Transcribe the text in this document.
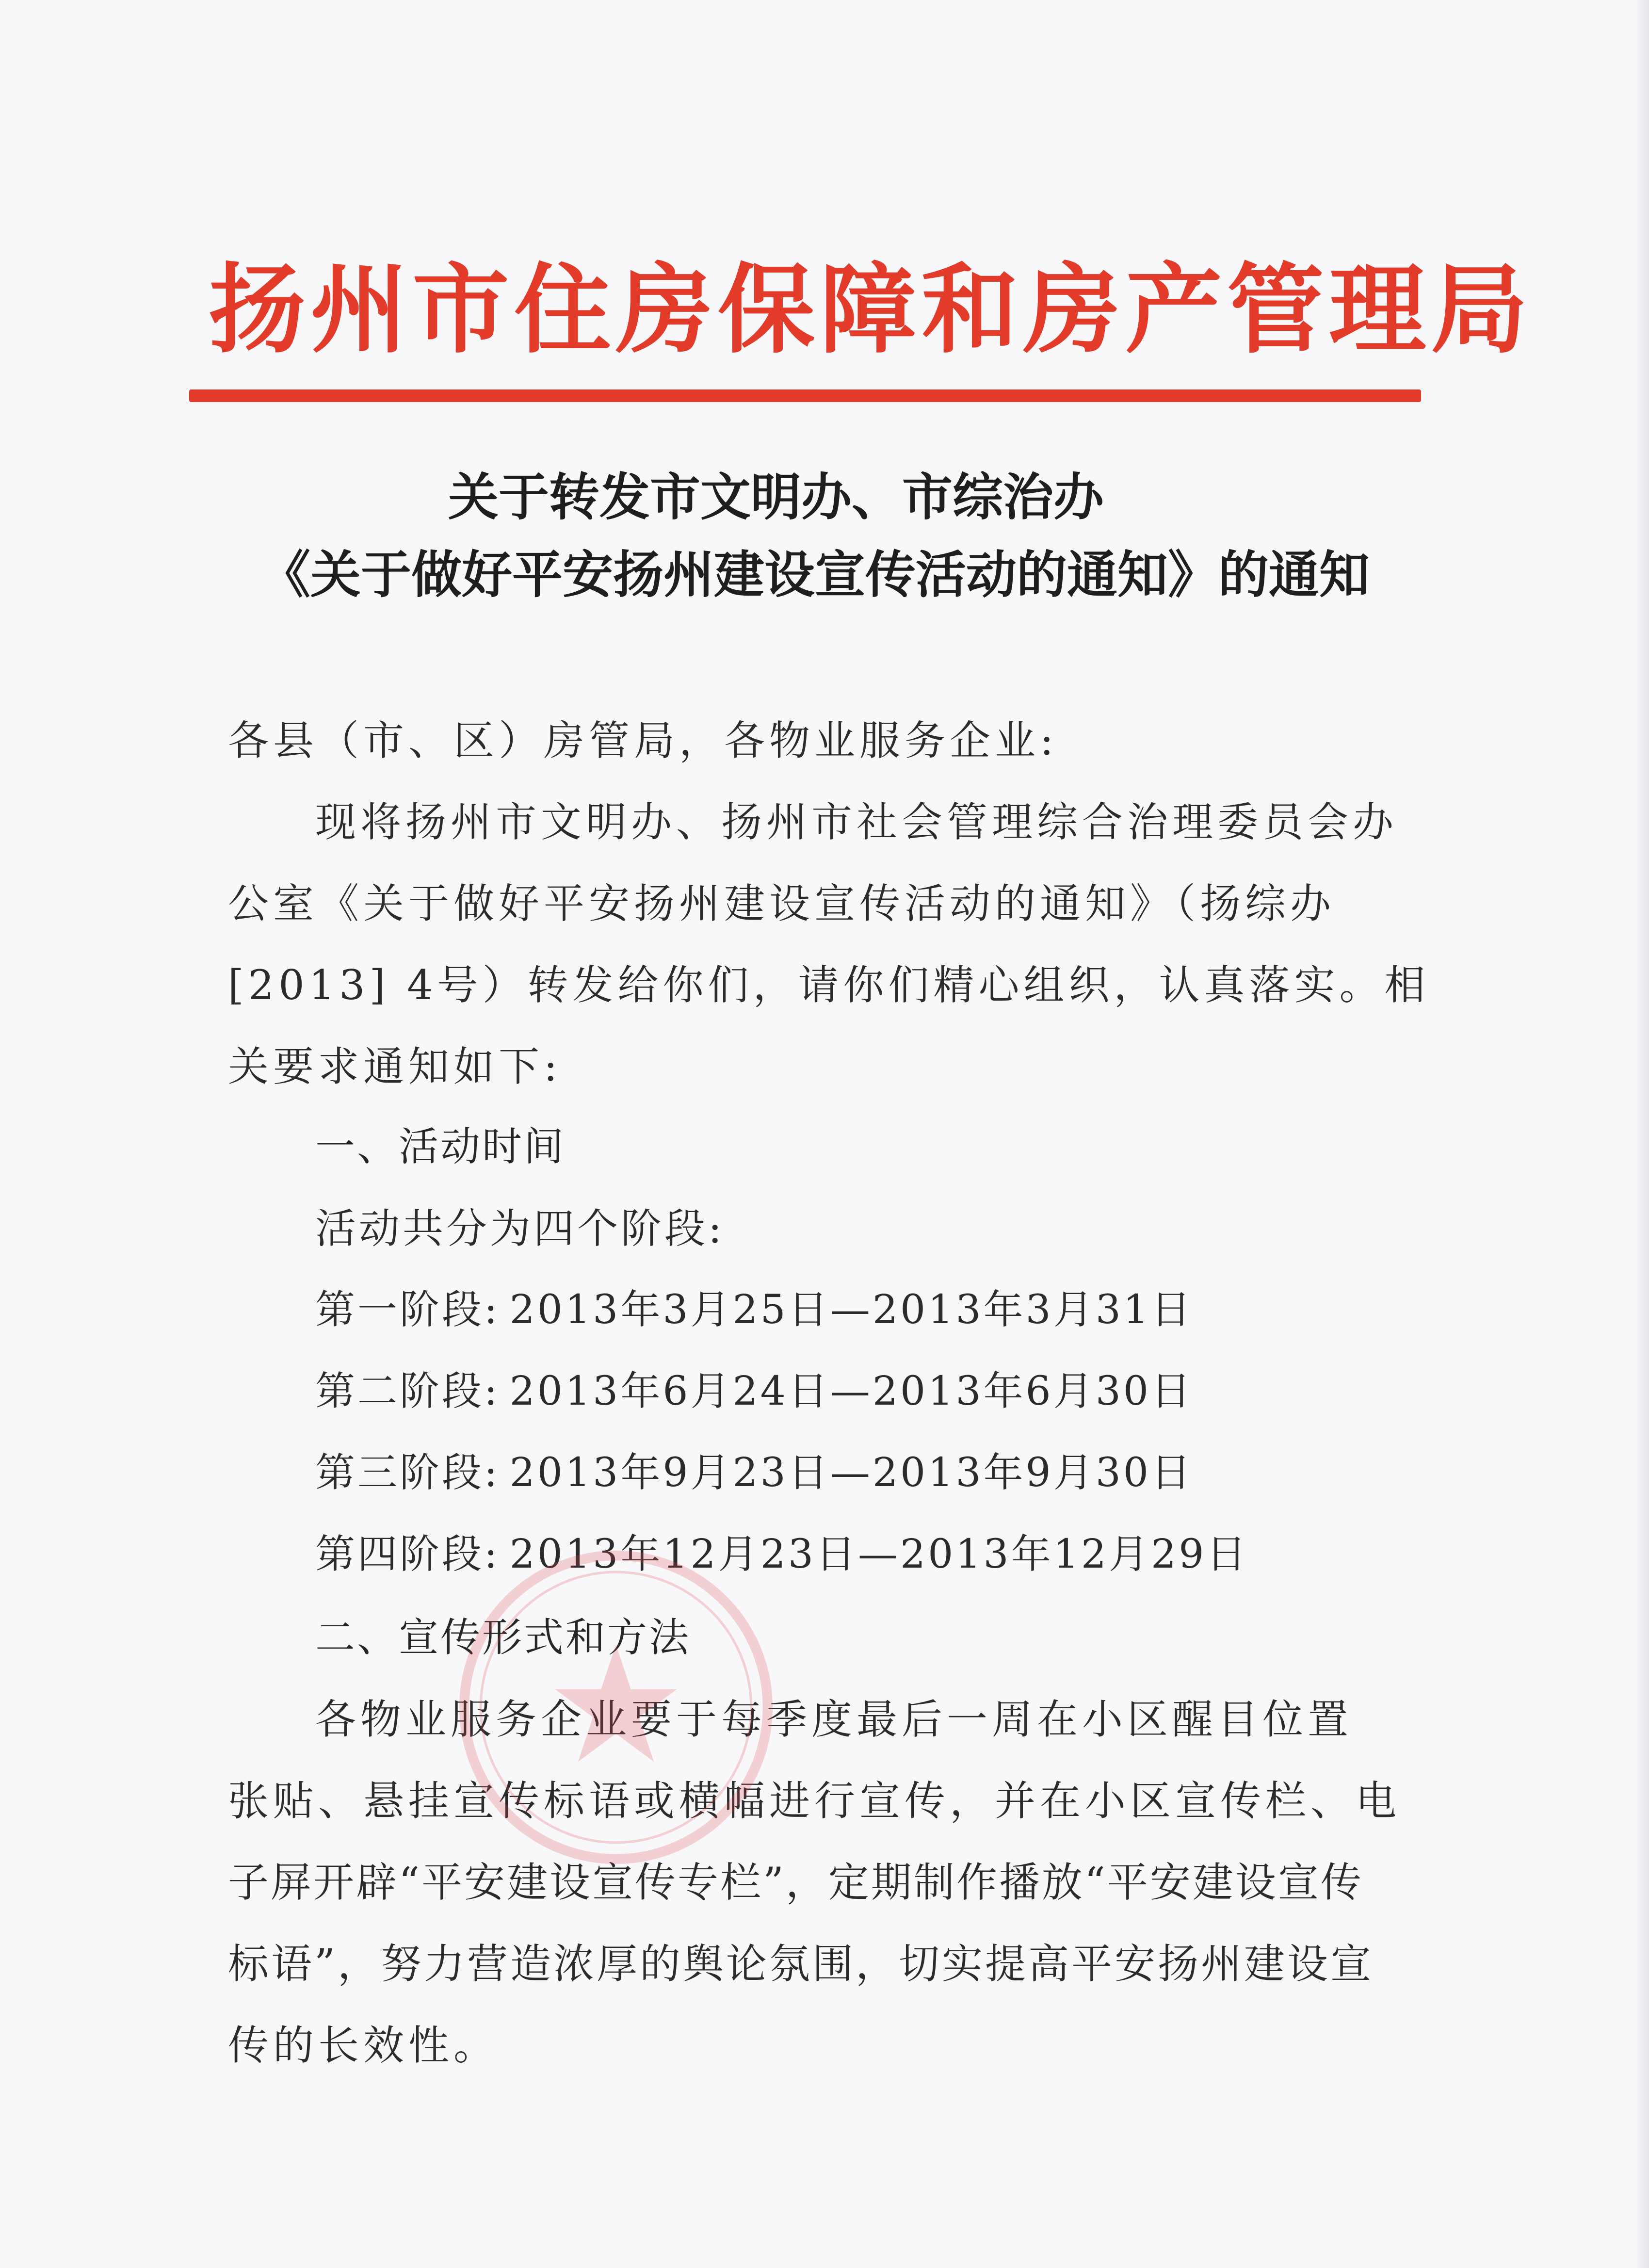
扬州市住房保障和房产管理局
关于转发市文明办、市综治办
《关于做好平安扬州建设宣传活动的通知》的通知
各县（市、区）房管局，各物业服务企业:
现将扬州市文明办、扬州市社会管理综合治理委员会办
公室《关于做好平安扬州建设宣传活动的通知》（扬综办
[2013] 4号）转发给你们，请你们精心组织，认真落实。相
关要求通知如下:
一、活动时间
活动共分为四个阶段:
第一阶段: 2013年3月25日—2013年3月31日
第二阶段: 2013年6月24日—2013年6月30日
第三阶段: 2013年9月23日—2013年9月30日
第四阶段: 2013年12月23日—2013年12月29日
二、宣传形式和方法
各物业服务企业要于每季度最后一周在小区醒目位置
张贴、悬挂宣传标语或横幅进行宣传，并在小区宣传栏、电
子屏开辟“平安建设宣传专栏”，定期制作播放“平安建设宣传
标语”，努力营造浓厚的舆论氛围，切实提高平安扬州建设宣
传的长效性。
